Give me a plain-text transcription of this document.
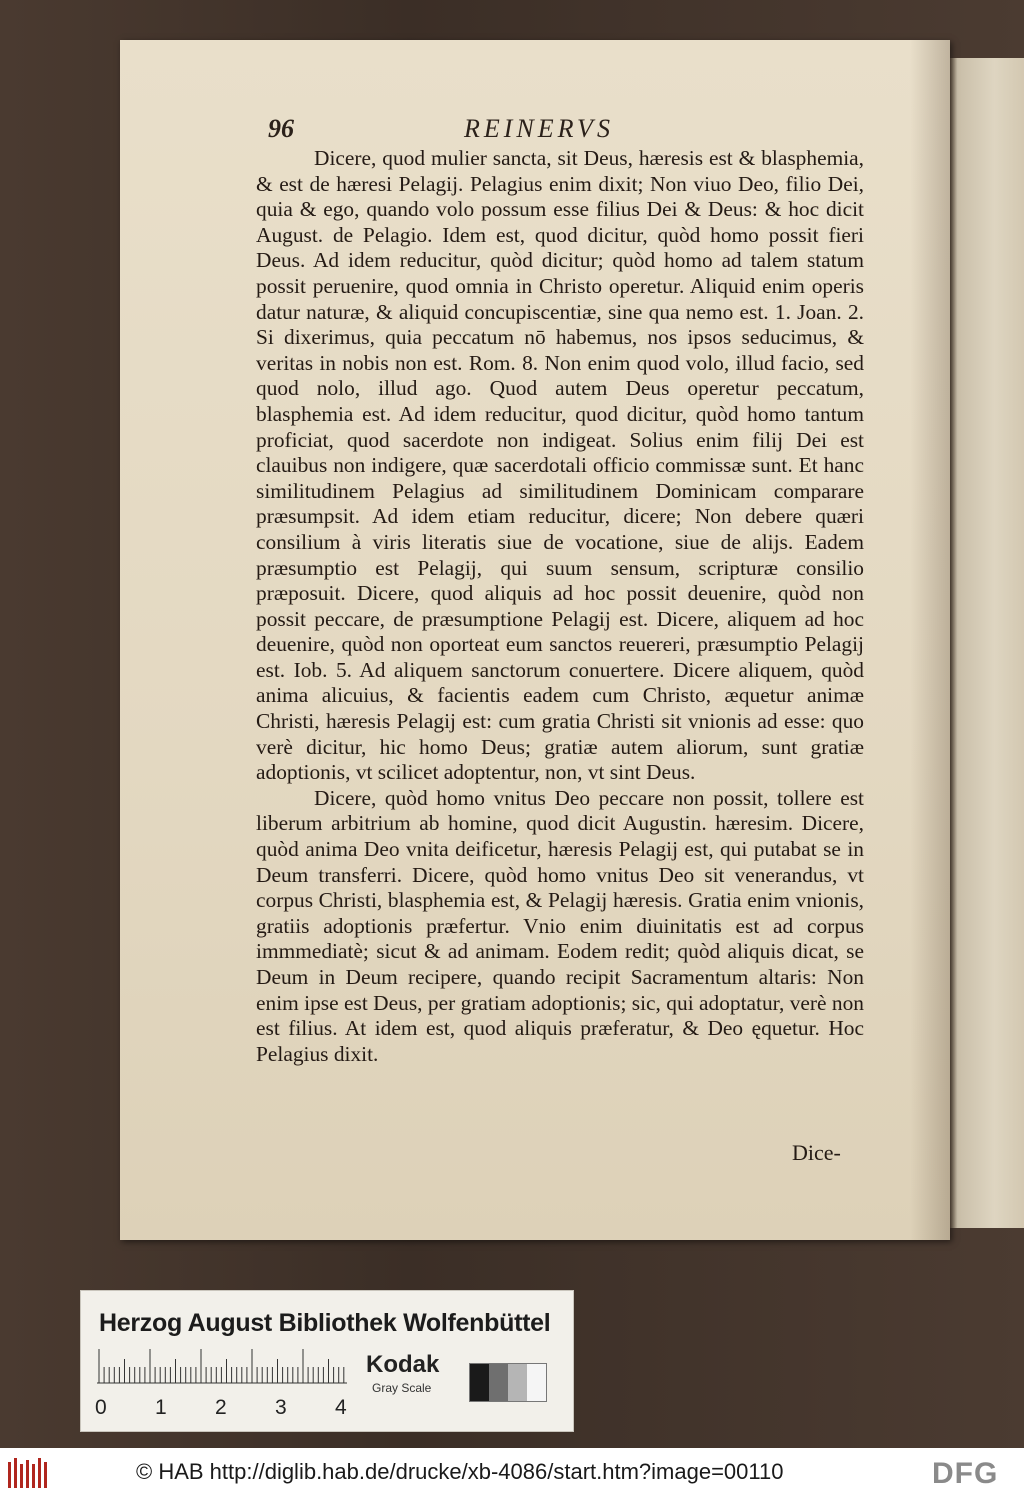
96	REINERVS

Dicere, quod mulier sancta, sit Deus, hæresis est & blasphemia, & est de hæresi Pelagij. Pelagius enim dixit; Non viuo Deo, filio Dei, quia & ego, quando volo possum esse filius Dei & Deus: & hoc dicit August. de Pelagio. Idem est, quod dicitur, quòd homo possit fieri Deus. Ad idem reducitur, quòd dicitur; quòd homo ad talem statum possit peruenire, quod omnia in Christo operetur. Aliquid enim operis datur naturæ, & aliquid concupiscentiæ, sine qua nemo est. 1. Joan. 2. Si dixerimus, quia peccatum nō habemus, nos ipsos seducimus, & veritas in nobis non est. Rom. 8. Non enim quod volo, illud facio, sed quod nolo, illud ago. Quod autem Deus operetur peccatum, blasphemia est. Ad idem reducitur, quod dicitur, quòd homo tantum proficiat, quod sacerdote non indigeat. Solius enim filij Dei est clauibus non indigere, quæ sacerdotali officio commissæ sunt. Et hanc similitudinem Pelagius ad similitudinem Dominicam comparare præsumpsit. Ad idem etiam reducitur, dicere; Non debere quæri consilium à viris literatis siue de vocatione, siue de alijs. Eadem præsumptio est Pelagij, qui suum sensum, scripturæ consilio præposuit. Dicere, quod aliquis ad hoc possit deuenire, quòd non possit peccare, de præsumptione Pelagij est. Dicere, aliquem ad hoc deuenire, quòd non oporteat eum sanctos reuereri, præsumptio Pelagij est. Iob. 5. Ad aliquem sanctorum conuertere. Dicere aliquem, quòd anima alicuius, & facientis eadem cum Christo, æquetur animæ Christi, hæresis Pelagij est: cum gratia Christi sit vnionis ad esse: quo verè dicitur, hic homo Deus; gratiæ autem aliorum, sunt gratiæ adoptionis, vt scilicet adoptentur, non, vt sint Deus.

Dicere, quòd homo vnitus Deo peccare non possit, tollere est liberum arbitrium ab homine, quod dicit Augustin. hæresim. Dicere, quòd anima Deo vnita deificetur, hæresis Pelagij est, qui putabat se in Deum transferri. Dicere, quòd homo vnitus Deo sit venerandus, vt corpus Christi, blasphemia est, & Pelagij hæresis. Gratia enim vnionis, gratiis adoptionis præfertur. Vnio enim diuinitatis est ad corpus immmediatè; sicut & ad animam. Eodem redit; quòd aliquis dicat, se Deum in Deum recipere, quando recipit Sacramentum altaris: Non enim ipse est Deus, per gratiam adoptionis; sic, qui adoptatur, verè non est filius. At idem est, quod aliquis præferatur, & Deo ęquetur. Hoc Pelagius dixit.

Dice-
Herzog August Bibliothek Wolfenbüttel
0 1 2 3 4
Kodak
Gray Scale
© HAB http://diglib.hab.de/drucke/xb-4086/start.htm?image=00110	DFG
